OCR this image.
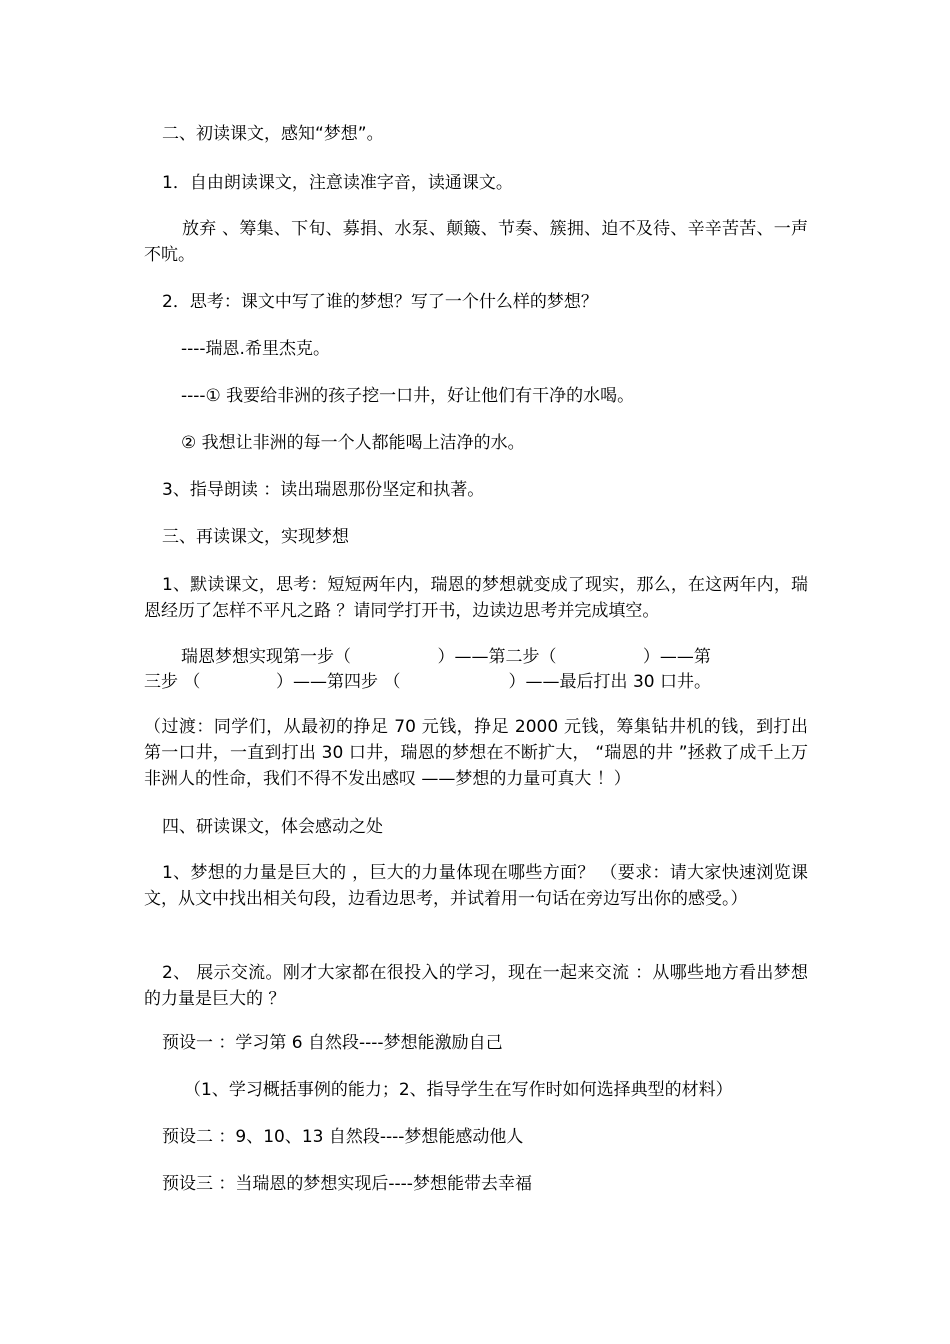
二、初读课文，感知“梦想”。
1．自由朗读课文，注意读准字音，读通课文。
放弃 、筹集、下旬、募捐、水泵、颠簸、节奏、簇拥、迫不及待、辛辛苦苦、一声不吭。
2．思考：课文中写了谁的梦想？写了一个什么样的梦想？
----瑞恩.希里杰克。
----① 我要给非洲的孩子挖一口井，好让他们有干净的水喝。
② 我想让非洲的每一个人都能喝上洁净的水。
3、指导朗读 ：读出瑞恩那份坚定和执著。
三、再读课文，实现梦想
1、默读课文，思考：短短两年内，瑞恩的梦想就变成了现实，那么，在这两年内，瑞恩经历了怎样不平凡之路 ？请同学打开书，边读边思考并完成填空。
瑞恩梦想实现第一步（                ）——第二步（                ）——第
三步 （              ）——第四步 （                    ）——最后打出 30 口井。
（过渡：同学们，从最初的挣足 70 元钱，挣足 2000 元钱，筹集钻井机的钱，到打出第一口井，一直到打出 30 口井，瑞恩的梦想在不断扩大， “瑞恩的井 ”拯救了成千上万非洲人的性命，我们不得不发出感叹 ——梦想的力量可真大 ！）
四、研读课文，体会感动之处
1、梦想的力量是巨大的 ，巨大的力量体现在哪些方面？ （要求：请大家快速浏览课文，从文中找出相关句段，边看边思考，并试着用一句话在旁边写出你的感受。）
2、 展示交流。刚才大家都在很投入的学习，现在一起来交流 ：从哪些地方看出梦想的力量是巨大的 ？
预设一 ：学习第 6 自然段----梦想能激励自己
（1、学习概括事例的能力；2、指导学生在写作时如何选择典型的材料）
预设二 ：9、10、13 自然段----梦想能感动他人
预设三 ：当瑞恩的梦想实现后----梦想能带去幸福
